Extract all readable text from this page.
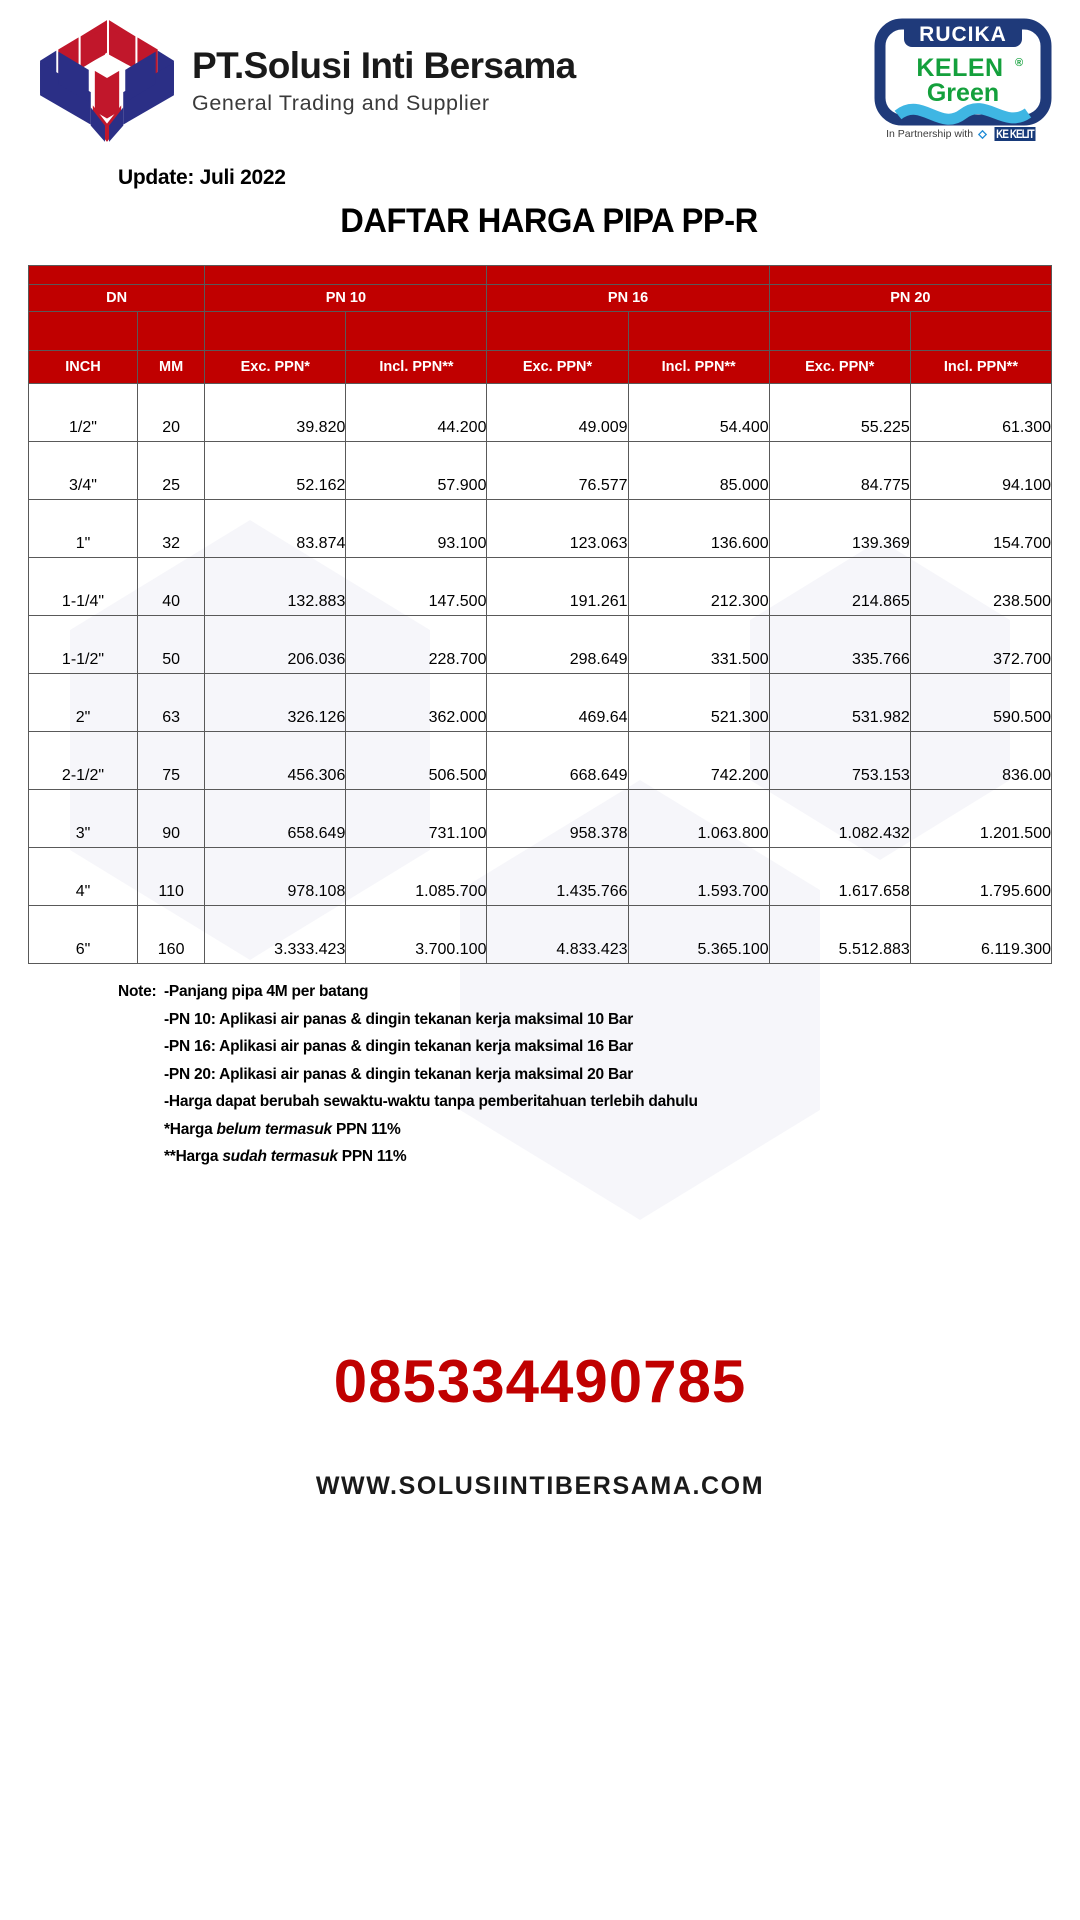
PT.Solusi Inti Bersama
General Trading and Supplier
RUCIKA
KELEN ®
Green
In Partnership with KE KELIT
Update: Juli 2022
DAFTAR HARGA PIPA PP-R

DN		PN 10		PN 16		PN 20	

INCH	MM	Exc. PPN*	Incl. PPN**	Exc. PPN*	Incl. PPN**	Exc. PPN*	Incl. PPN**
1/2"	20	39.820	44.200	49.009	54.400	55.225	61.300
3/4"	25	52.162	57.900	76.577	85.000	84.775	94.100
1"	32	83.874	93.100	123.063	136.600	139.369	154.700
1-1/4"	40	132.883	147.500	191.261	212.300	214.865	238.500
1-1/2"	50	206.036	228.700	298.649	331.500	335.766	372.700
2"	63	326.126	362.000	469.64	521.300	531.982	590.500
2-1/2"	75	456.306	506.500	668.649	742.200	753.153	836.00
3"	90	658.649	731.100	958.378	1.063.800	1.082.432	1.201.500
4"	110	978.108	1.085.700	1.435.766	1.593.700	1.617.658	1.795.600
6"	160	3.333.423	3.700.100	4.833.423	5.365.100	5.512.883	6.119.300
Note: -Panjang pipa 4M per batang
-PN 10: Aplikasi air panas & dingin tekanan kerja maksimal 10 Bar
-PN 16: Aplikasi air panas & dingin tekanan kerja maksimal 16 Bar
-PN 20: Aplikasi air panas & dingin tekanan kerja maksimal 20 Bar
-Harga dapat berubah sewaktu-waktu tanpa pemberitahuan terlebih dahulu
*Harga belum termasuk PPN 11%
**Harga sudah termasuk PPN 11%
085334490785
WWW.SOLUSIINTIBERSAMA.COM
